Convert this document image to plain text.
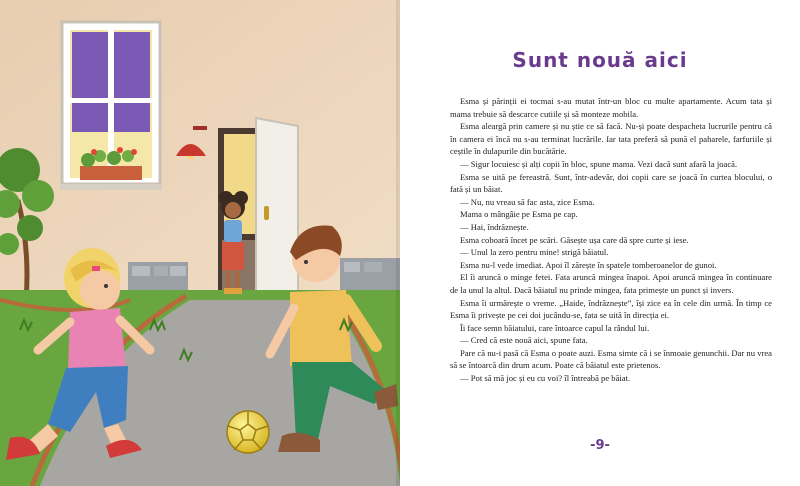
Sunt nouă aici

Esma și părinții ei tocmai s-au mutat într-un bloc cu multe apartamente. Acum tata și mama trebuie să descarce cutiile și să monteze mobila.

Esma aleargă prin camere și nu știe ce să facă. Nu-și poate despacheta lucrurile pentru că în camera ei încă nu s-au terminat lucrările. Iar tata preferă să pună el paharele, farfuriile și ceștile în dulapurile din bucătărie.

— Sigur locuiesc și alți copii în bloc, spune mama. Vezi dacă sunt afară la joacă.

Esma se uită pe fereastră. Sunt, într-adevăr, doi copii care se joacă în curtea blocului, o fată și un băiat.

— Nu, nu vreau să fac asta, zice Esma.

Mama o mângâie pe Esma pe cap.

— Hai, îndrăznește.

Esma coboară încet pe scări. Găsește ușa care dă spre curte și iese.

— Unul la zero pentru mine! strigă băiatul.

Esma nu-l vede imediat. Apoi îl zărește în spatele tomberoanelor de gunoi.

El îi aruncă o minge fetei. Fata aruncă mingea înapoi. Apoi aruncă mingea în continuare de la unul la altul. Dacă băiatul nu prinde mingea, fata primește un punct și invers.

Esma îi urmărește o vreme. „Haide, îndrăznește”, își zice ea în cele din urmă. În timp ce Esma îi privește pe cei doi jucându-se, fata se uită în direcția ei.

Îi face semn băiatului, care întoarce capul la rândul lui.

— Cred că este nouă aici, spune fata.

Pare că nu-i pasă că Esma o poate auzi. Esma simte că i se înmoaie genunchii. Dar nu vrea să se întoarcă din drum acum. Poate că băiatul este prietenos.

— Pot să mă joc și eu cu voi? îl întreabă pe băiat.

-9-
